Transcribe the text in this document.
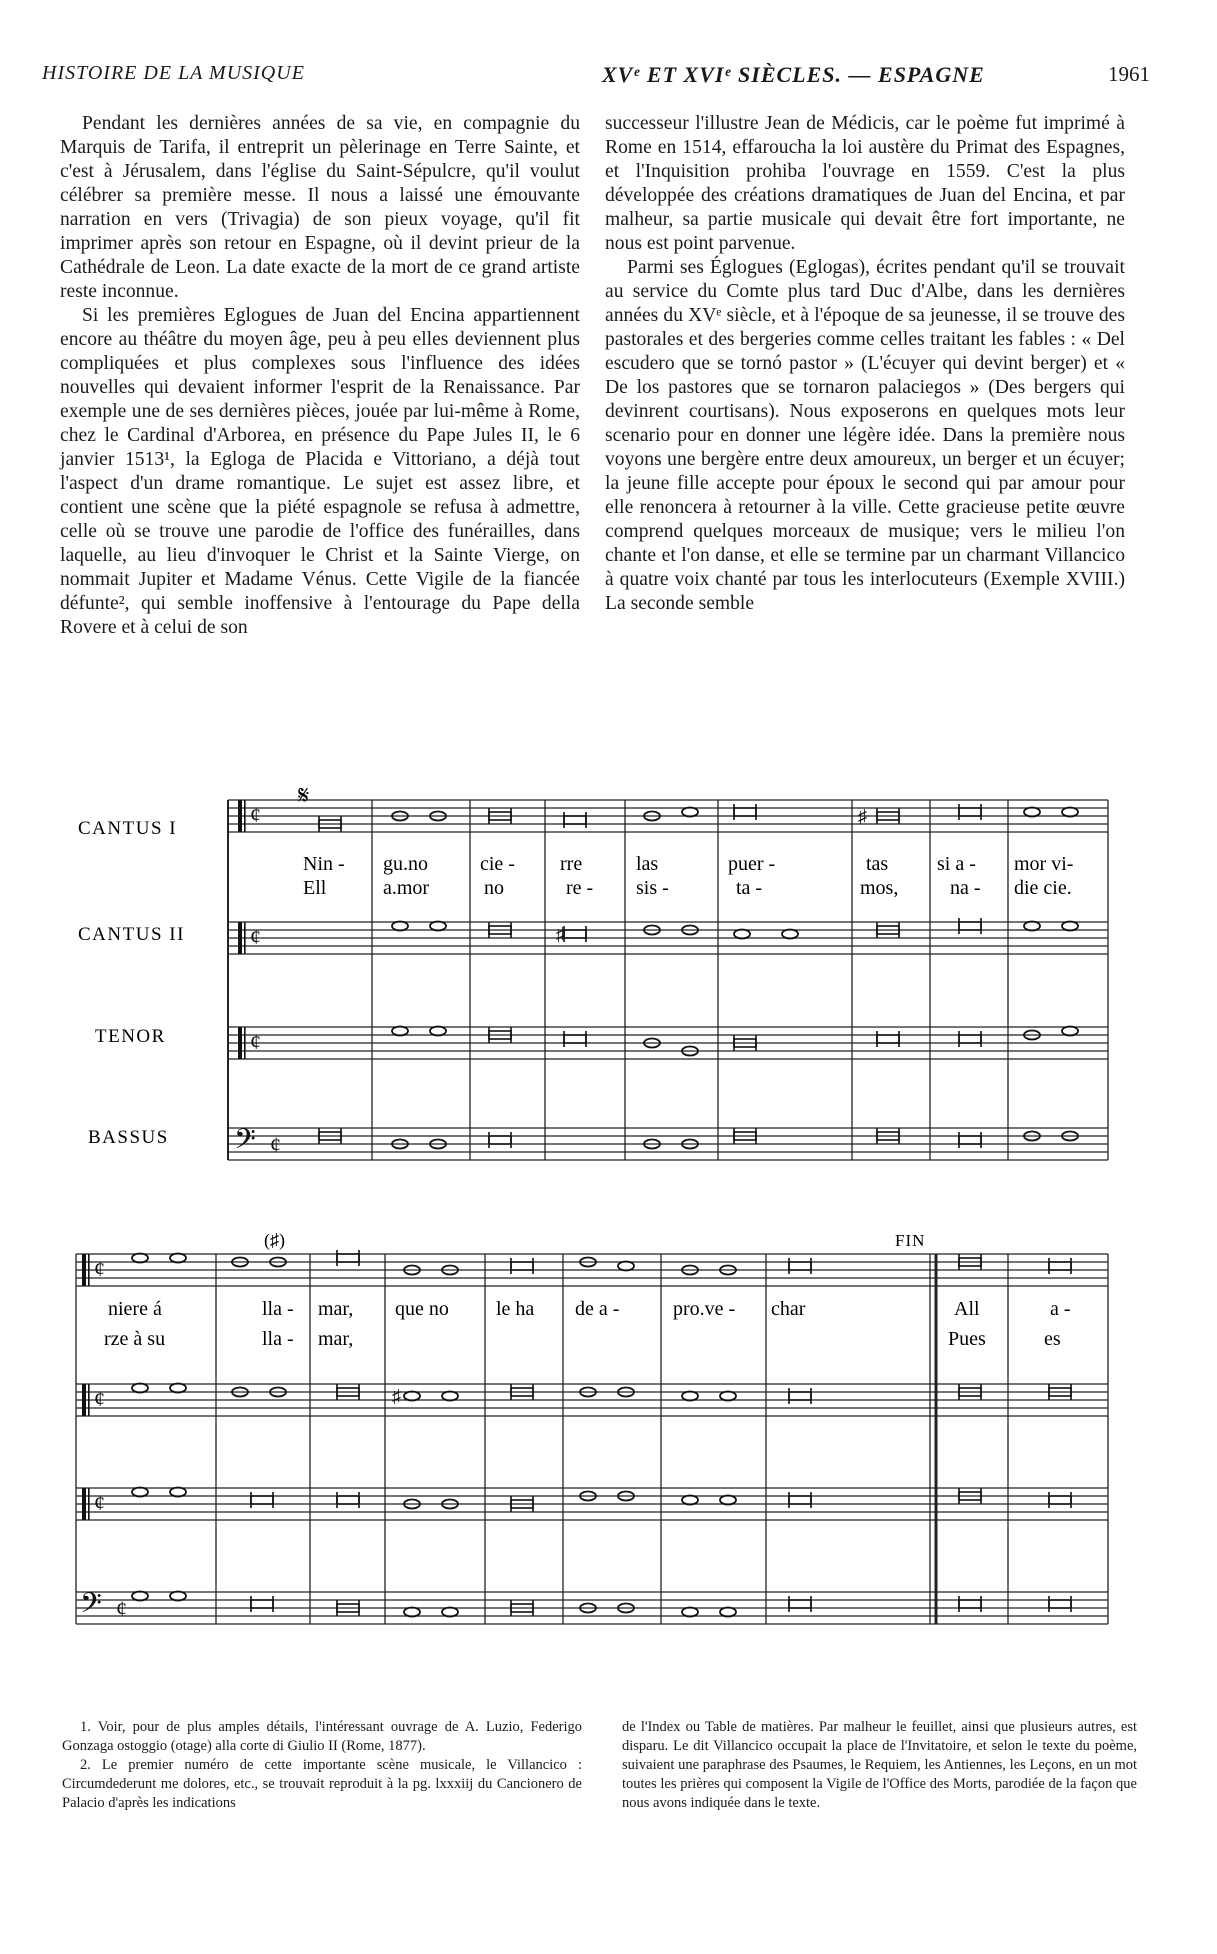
HISTOIRE DE LA MUSIQUE	XVᵉ ET XVIᵉ SIÈCLES. — ESPAGNE	1961

Pendant les dernières années de sa vie, en compagnie du Marquis de Tarifa, il entreprit un pèlerinage en Terre Sainte, et c'est à Jérusalem, dans l'église du Saint-Sépulcre, qu'il voulut célébrer sa première messe. Il nous a laissé une émouvante narration en vers (Trivagia) de son pieux voyage, qu'il fit imprimer après son retour en Espagne, où il devint prieur de la Cathédrale de Leon. La date exacte de la mort de ce grand artiste reste inconnue.

Si les premières Eglogues de Juan del Encina appartiennent encore au théâtre du moyen âge, peu à peu elles deviennent plus compliquées et plus complexes sous l'influence des idées nouvelles qui devaient informer l'esprit de la Renaissance. Par exemple une de ses dernières pièces, jouée par lui-même à Rome, chez le Cardinal d'Arborea, en présence du Pape Jules II, le 6 janvier 1513¹, la Egloga de Placida e Vittoriano, a déjà tout l'aspect d'un drame romantique. Le sujet est assez libre, et contient une scène que la piété espagnole se refusa à admettre, celle où se trouve une parodie de l'office des funérailles, dans laquelle, au lieu d'invoquer le Christ et la Sainte Vierge, on nommait Jupiter et Madame Vénus. Cette Vigile de la fiancée défunte², qui semble inoffensive à l'entourage du Pape della Rovere et à celui de son

successeur l'illustre Jean de Médicis, car le poème fut imprimé à Rome en 1514, effaroucha la loi austère du Primat des Espagnes, et l'Inquisition prohiba l'ouvrage en 1559. C'est la plus développée des créations dramatiques de Juan del Encina, et par malheur, sa partie musicale qui devait être fort importante, ne nous est point parvenue.

Parmi ses Églogues (Eglogas), écrites pendant qu'il se trouvait au service du Comte plus tard Duc d'Albe, dans les dernières années du XVᵉ siècle, et à l'époque de sa jeunesse, il se trouve des pastorales et des bergeries comme celles traitant les fables : « Del escudero que se tornó pastor » (L'écuyer qui devint berger) et « De los pastores que se tornaron palaciegos » (Des bergers qui devinrent courtisans). Nous exposerons en quelques mots leur scenario pour en donner une légère idée. Dans la première nous voyons une bergère entre deux amoureux, un berger et un écuyer; la jeune fille accepte pour époux le second qui par amour pour elle renoncera à retourner à la ville. Cette gracieuse petite œuvre comprend quelques morceaux de musique; vers le milieu l'on chante et l'on danse, et elle se termine par un charmant Villancico à quatre voix chanté par tous les interlocuteurs (Exemple XVIII.) La seconde semble

𝄋
CANTUS I
CANTUS II
TENOR
BASSUS
Nin - gu.no	cie - rre	las	puer -	tas si a - mor vi-
Ell	a.mor	no	re - sis -	ta -	mos,	na - die cie.
¢
¢
¢
𝄢 ¢
♯
♯
(♯)	FIN
niere á	lla - mar, que no le ha de a -	pro.ve - char	All	a -
rze à su	lla - mar,	Pues	es
¢
¢
¢
𝄢 ¢
♯

1. Voir, pour de plus amples détails, l'intéressant ouvrage de A. Luzio, Federigo Gonzaga ostoggio (otage) alla corte di Giulio II (Rome, 1877).

2. Le premier numéro de cette importante scène musicale, le Villancico : Circumdederunt me dolores, etc., se trouvait reproduit à la pg. lxxxiij du Cancionero de Palacio d'après les indications

de l'Index ou Table de matières. Par malheur le feuillet, ainsi que plusieurs autres, est disparu. Le dit Villancico occupait la place de l'Invitatoire, et selon le texte du poème, suivaient une paraphrase des Psaumes, le Requiem, les Antiennes, les Leçons, en un mot toutes les prières qui composent la Vigile de l'Office des Morts, parodiée de la façon que nous avons indiquée dans le texte.
